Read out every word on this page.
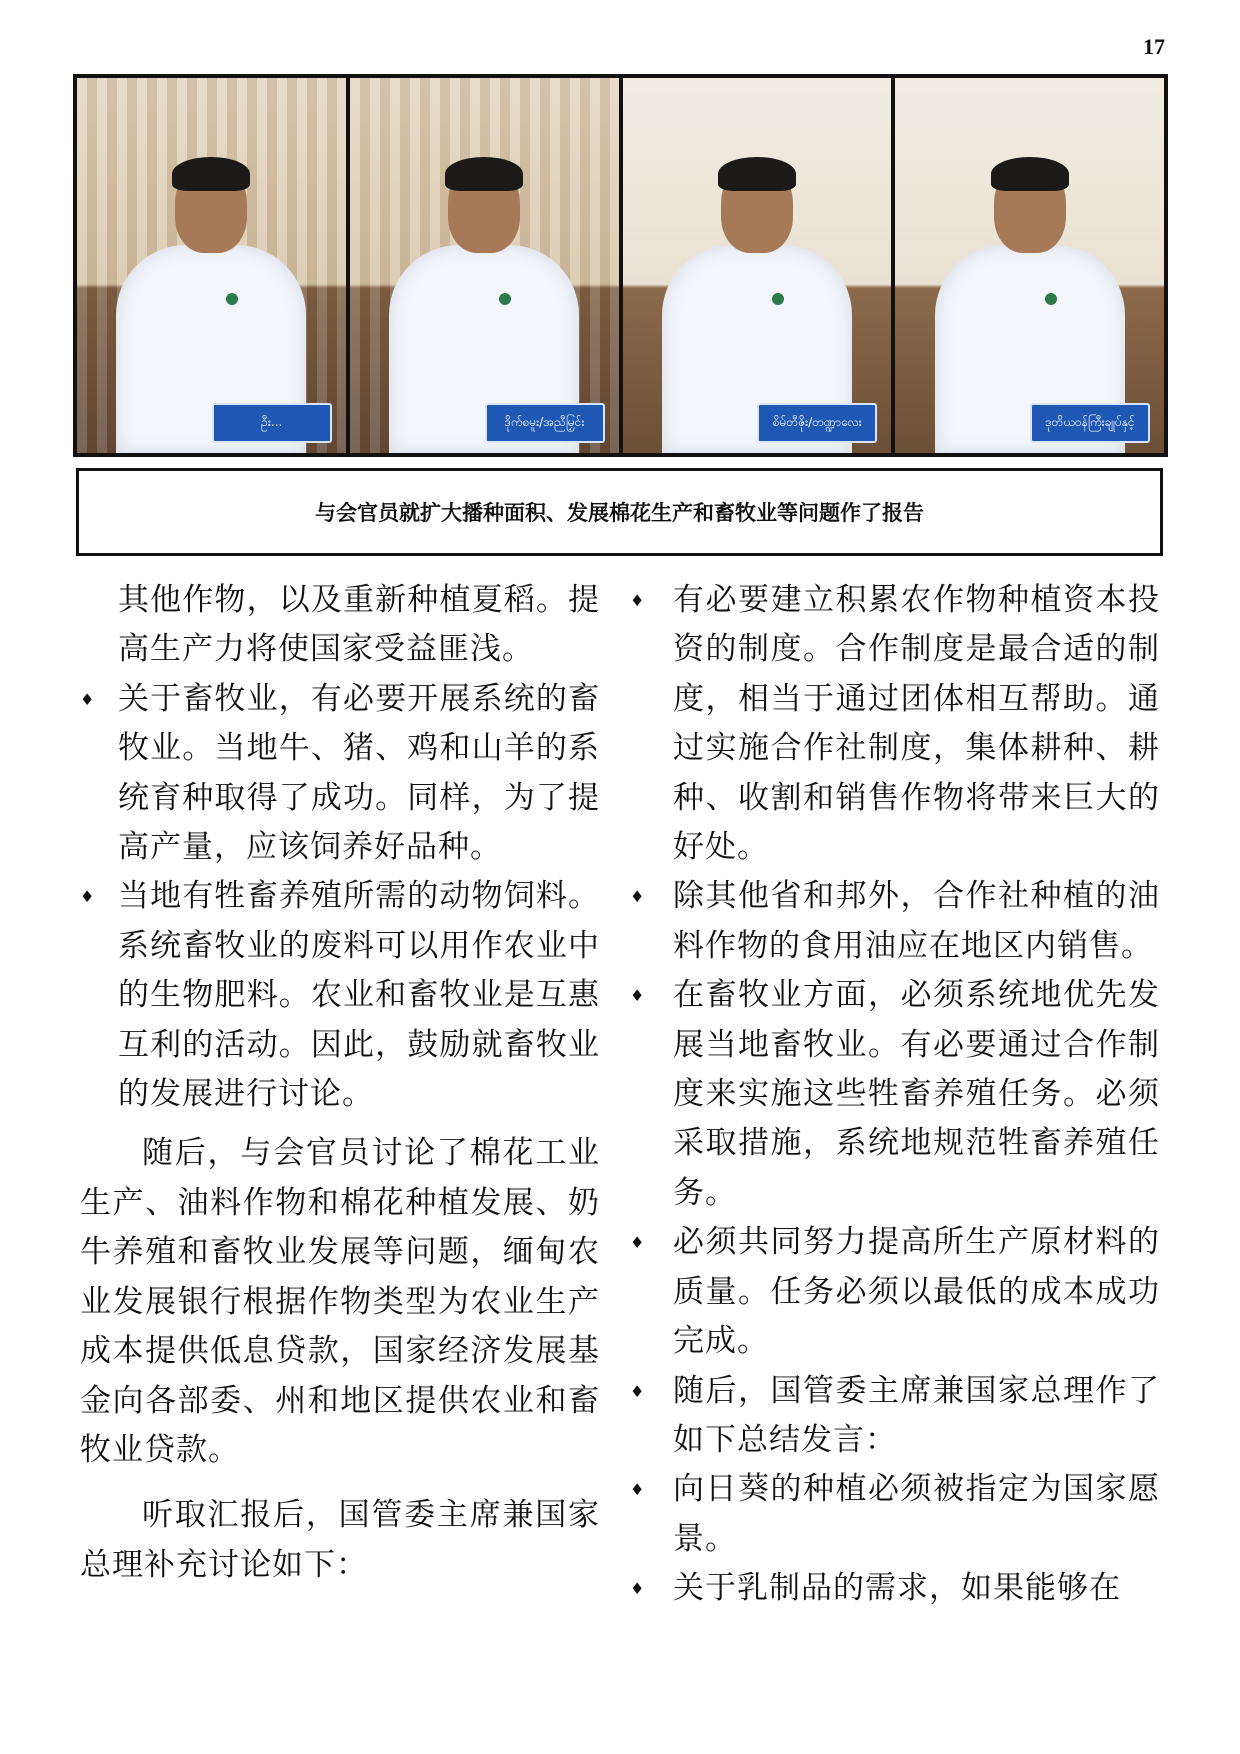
17
ဦး...	ဒိုက်စမူး/အညီမြှင်း	စိမ်တီဇိုး/တဏ္ဍာလေး	ဒုတိယဝန်ကြီးချုပ်နှင့်
与会官员就扩大播种面积、发展棉花生产和畜牧业等问题作了报告

其他作物，以及重新种植夏稻。提高生产力将使国家受益匪浅。

♦ 关于畜牧业，有必要开展系统的畜牧业。当地牛、猪、鸡和山羊的系统育种取得了成功。同样，为了提高产量，应该饲养好品种。

♦ 当地有牲畜养殖所需的动物饲料。系统畜牧业的废料可以用作农业中的生物肥料。农业和畜牧业是互惠互利的活动。因此，鼓励就畜牧业的发展进行讨论。

随后，与会官员讨论了棉花工业生产、油料作物和棉花种植发展、奶牛养殖和畜牧业发展等问题，缅甸农业发展银行根据作物类型为农业生产成本提供低息贷款，国家经济发展基金向各部委、州和地区提供农业和畜牧业贷款。

听取汇报后，国管委主席兼国家总理补充讨论如下：

♦ 有必要建立积累农作物种植资本投资的制度。合作制度是最合适的制度，相当于通过团体相互帮助。通过实施合作社制度，集体耕种、耕种、收割和销售作物将带来巨大的好处。

♦ 除其他省和邦外，合作社种植的油料作物的食用油应在地区内销售。

♦ 在畜牧业方面，必须系统地优先发展当地畜牧业。有必要通过合作制度来实施这些牲畜养殖任务。必须采取措施，系统地规范牲畜养殖任务。

♦ 必须共同努力提高所生产原材料的质量。任务必须以最低的成本成功完成。

♦ 随后，国管委主席兼国家总理作了如下总结发言：

♦ 向日葵的种植必须被指定为国家愿景。

♦ 关于乳制品的需求，如果能够在
